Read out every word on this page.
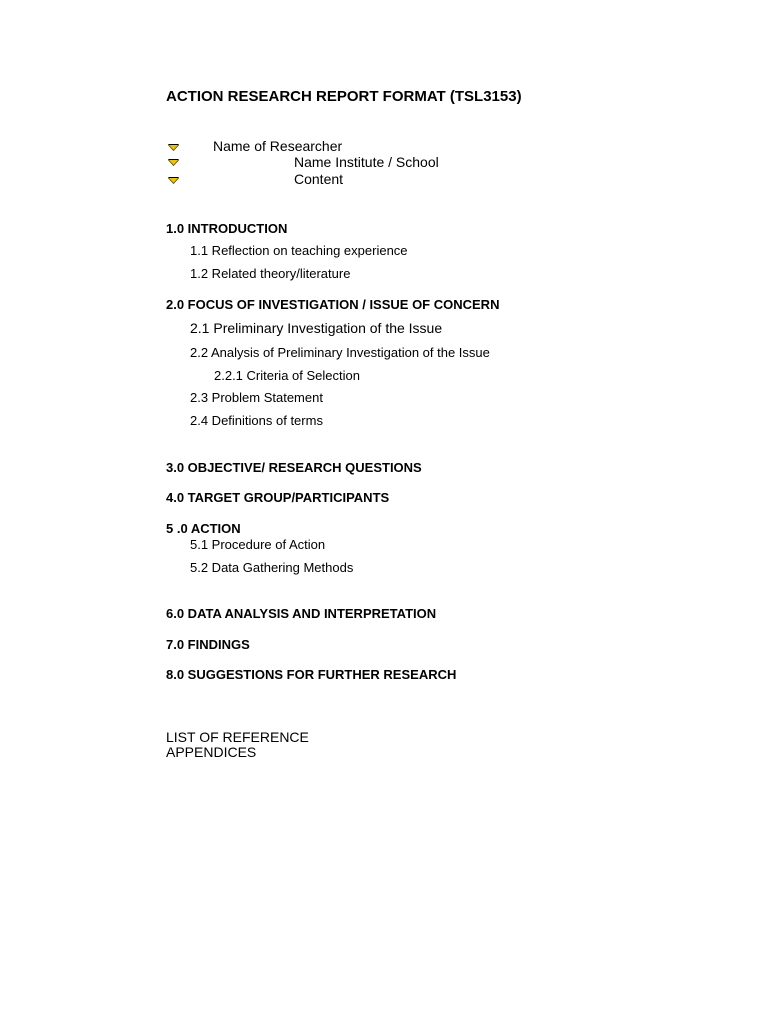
ACTION RESEARCH REPORT FORMAT (TSL3153)
Name of Researcher
Name Institute / School
Content
1.0 INTRODUCTION
1.1 Reflection on teaching experience
1.2 Related theory/literature
2.0 FOCUS OF INVESTIGATION / ISSUE OF CONCERN
2.1 Preliminary Investigation of the Issue
2.2 Analysis of Preliminary Investigation of the Issue
2.2.1 Criteria of Selection
2.3 Problem Statement
2.4 Definitions of terms
3.0 OBJECTIVE/ RESEARCH QUESTIONS
4.0 TARGET GROUP/PARTICIPANTS
5 .0 ACTION
5.1 Procedure of Action
5.2 Data Gathering Methods
6.0 DATA ANALYSIS AND INTERPRETATION
7.0 FINDINGS
8.0 SUGGESTIONS FOR FURTHER RESEARCH
LIST OF REFERENCE
APPENDICES
